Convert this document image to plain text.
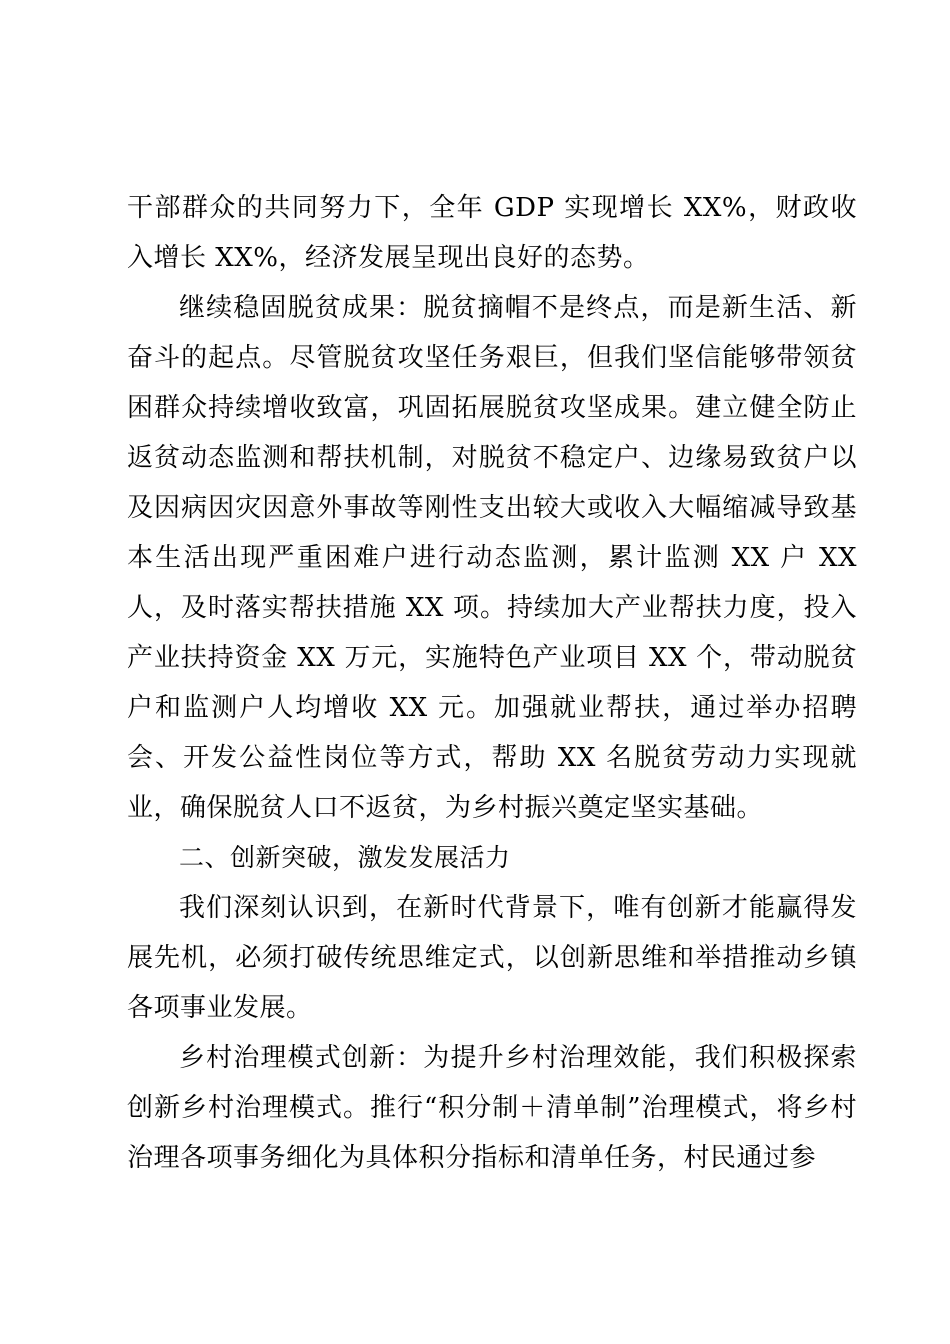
干部群众的共同努力下，全年 GDP 实现增长 XX%，财政收入增长 XX%，经济发展呈现出良好的态势。

继续稳固脱贫成果：脱贫摘帽不是终点，而是新生活、新奋斗的起点。尽管脱贫攻坚任务艰巨，但我们坚信能够带领贫困群众持续增收致富，巩固拓展脱贫攻坚成果。建立健全防止返贫动态监测和帮扶机制，对脱贫不稳定户、边缘易致贫户以及因病因灾因意外事故等刚性支出较大或收入大幅缩减导致基本生活出现严重困难户进行动态监测，累计监测 XX 户 XX 人，及时落实帮扶措施 XX 项。持续加大产业帮扶力度，投入产业扶持资金 XX 万元，实施特色产业项目 XX 个，带动脱贫户和监测户人均增收 XX 元。加强就业帮扶，通过举办招聘会、开发公益性岗位等方式，帮助 XX 名脱贫劳动力实现就业，确保脱贫人口不返贫，为乡村振兴奠定坚实基础。

二、创新突破，激发发展活力

我们深刻认识到，在新时代背景下，唯有创新才能赢得发展先机，必须打破传统思维定式，以创新思维和举措推动乡镇各项事业发展。

乡村治理模式创新：为提升乡村治理效能，我们积极探索创新乡村治理模式。推行“积分制＋清单制”治理模式，将乡村治理各项事务细化为具体积分指标和清单任务，村民通过参
